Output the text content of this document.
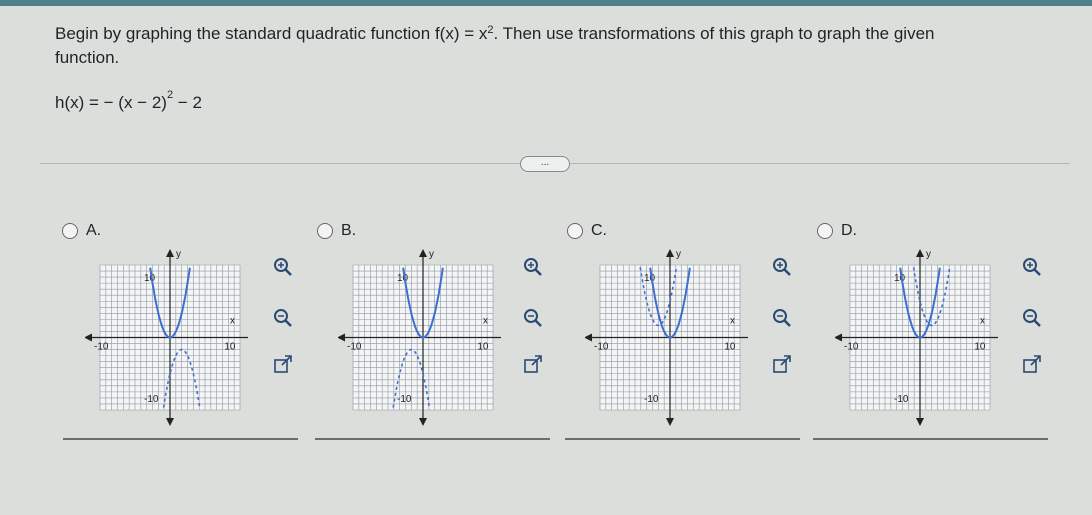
Begin by graphing the standard quadratic function $f(x) = x^2$. Then use transformations of this graph to graph the given
function.
h(x) = − $(x - 2)^2 - 2$
...
A.	B.	C.	D.
y
x
10
-10
-10	10
y
x
10
-10
-10	10
y
x
10
-10
-10	10
y
x
10
-10
-10	10
